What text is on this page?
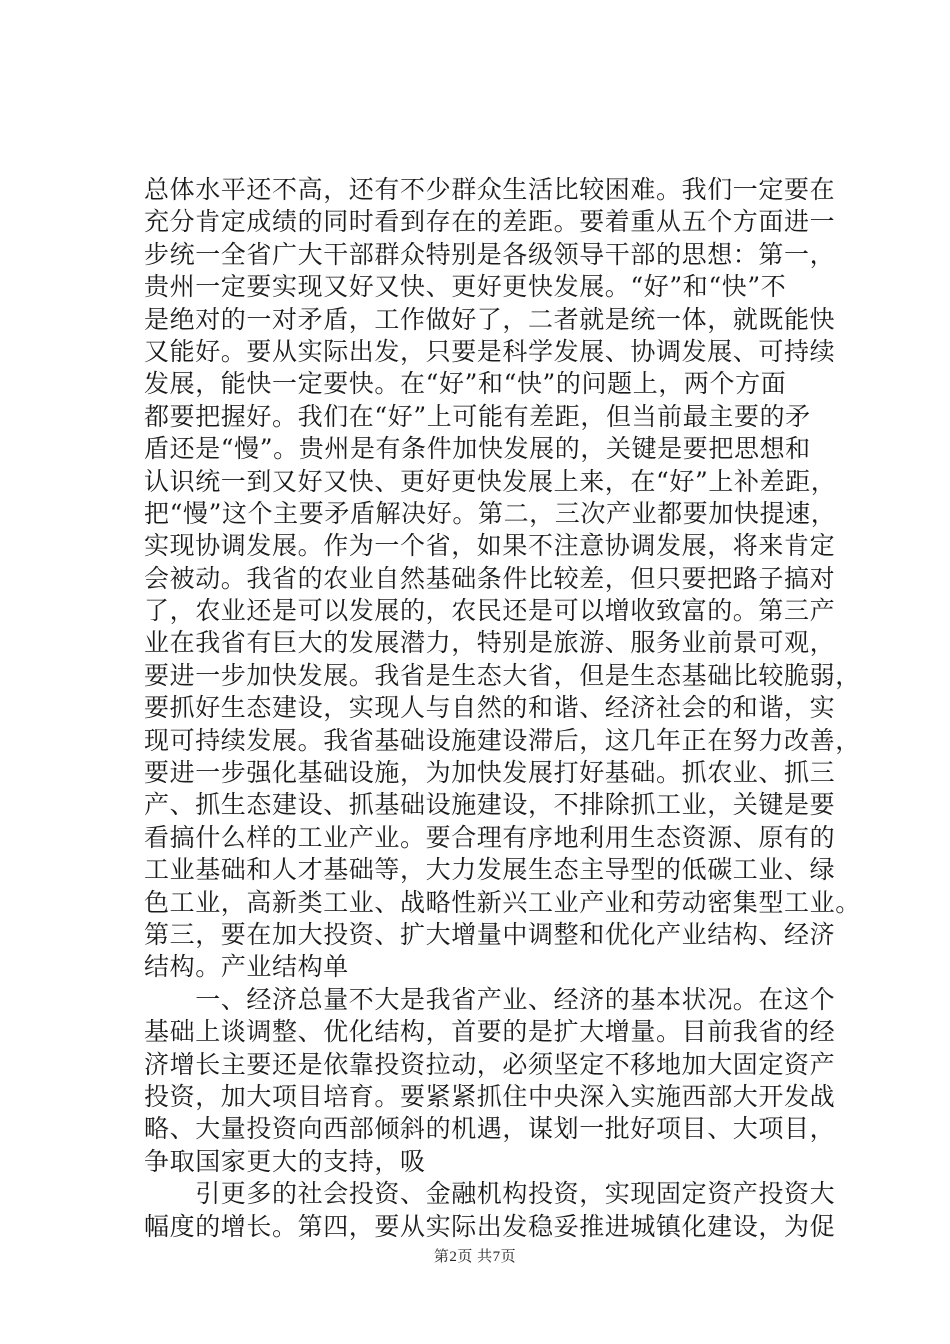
总体水平还不高，还有不少群众生活比较困难。我们一定要在
充分肯定成绩的同时看到存在的差距。要着重从五个方面进一
步统一全省广大干部群众特别是各级领导干部的思想：第一，
贵州一定要实现又好又快、更好更快发展。“好”和“快”不
是绝对的一对矛盾，工作做好了，二者就是统一体，就既能快
又能好。要从实际出发，只要是科学发展、协调发展、可持续
发展，能快一定要快。在“好”和“快”的问题上，两个方面
都要把握好。我们在“好”上可能有差距，但当前最主要的矛
盾还是“慢”。贵州是有条件加快发展的，关键是要把思想和
认识统一到又好又快、更好更快发展上来，在“好”上补差距，
把“慢”这个主要矛盾解决好。第二，三次产业都要加快提速，
实现协调发展。作为一个省，如果不注意协调发展，将来肯定
会被动。我省的农业自然基础条件比较差，但只要把路子搞对
了，农业还是可以发展的，农民还是可以增收致富的。第三产
业在我省有巨大的发展潜力，特别是旅游、服务业前景可观，
要进一步加快发展。我省是生态大省，但是生态基础比较脆弱，
要抓好生态建设，实现人与自然的和谐、经济社会的和谐，实
现可持续发展。我省基础设施建设滞后，这几年正在努力改善，
要进一步强化基础设施，为加快发展打好基础。抓农业、抓三
产、抓生态建设、抓基础设施建设，不排除抓工业，关键是要
看搞什么样的工业产业。要合理有序地利用生态资源、原有的
工业基础和人才基础等，大力发展生态主导型的低碳工业、绿
色工业，高新类工业、战略性新兴工业产业和劳动密集型工业。
第三，要在加大投资、扩大增量中调整和优化产业结构、经济
结构。产业结构单
　　一、经济总量不大是我省产业、经济的基本状况。在这个
基础上谈调整、优化结构，首要的是扩大增量。目前我省的经
济增长主要还是依靠投资拉动，必须坚定不移地加大固定资产
投资，加大项目培育。要紧紧抓住中央深入实施西部大开发战
略、大量投资向西部倾斜的机遇，谋划一批好项目、大项目，
争取国家更大的支持，吸
　　引更多的社会投资、金融机构投资，实现固定资产投资大
幅度的增长。第四，要从实际出发稳妥推进城镇化建设，为促
第2页 共7页
